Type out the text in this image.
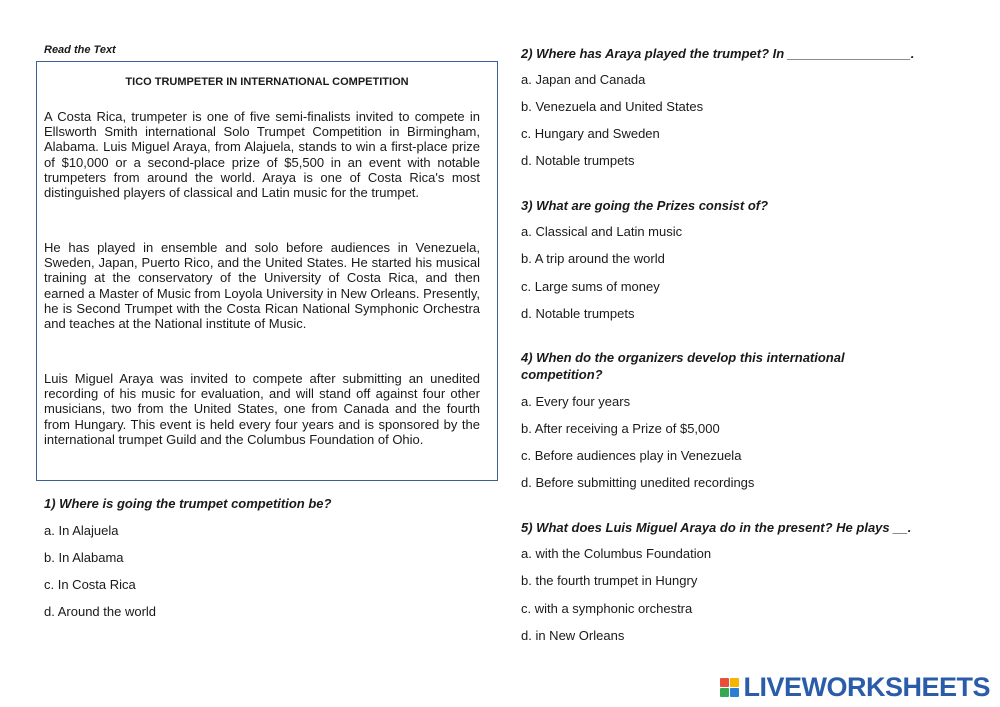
Read the Text
TICO TRUMPETER IN INTERNATIONAL COMPETITION

A Costa Rica, trumpeter is one of five semi-finalists invited to compete in Ellsworth Smith international Solo Trumpet Competition in Birmingham, Alabama. Luis Miguel Araya, from Alajuela, stands to win a first-place prize of $10,000 or a second-place prize of $5,500 in an event with notable trumpeters from around the world. Araya is one of Costa Rica's most distinguished players of classical and Latin music for the trumpet.

He has played in ensemble and solo before audiences in Venezuela, Sweden, Japan, Puerto Rico, and the United States. He started his musical training at the conservatory of the University of Costa Rica, and then earned a Master of Music from Loyola University in New Orleans. Presently, he is Second Trumpet with the Costa Rican National Symphonic Orchestra and teaches at the National institute of Music.

Luis Miguel Araya was invited to compete after submitting an unedited recording of his music for evaluation, and will stand off against four other musicians, two from the United States, one from Canada and the fourth from Hungary. This event is held every four years and is sponsored by the international trumpet Guild and the Columbus Foundation of Ohio.

1) Where is going the trumpet competition be?
a. In Alajuela
b. In Alabama
c. In Costa Rica
d. Around the world
2) Where has Araya played the trumpet? In _________________.
a. Japan and Canada
b. Venezuela and United States
c. Hungary and Sweden
d. Notable trumpets
3) What are going the Prizes consist of?
a. Classical and Latin music
b. A trip around the world
c. Large sums of money
d. Notable trumpets
4) When do the organizers develop this international
competition?
a. Every four years
b. After receiving a Prize of $5,000
c. Before audiences play in Venezuela
d. Before submitting unedited recordings
5) What does Luis Miguel Araya do in the present? He plays __.
a. with the Columbus Foundation
b. the fourth trumpet in Hungry
c. with a symphonic orchestra
d. in New Orleans
LIVEWORKSHEETS
